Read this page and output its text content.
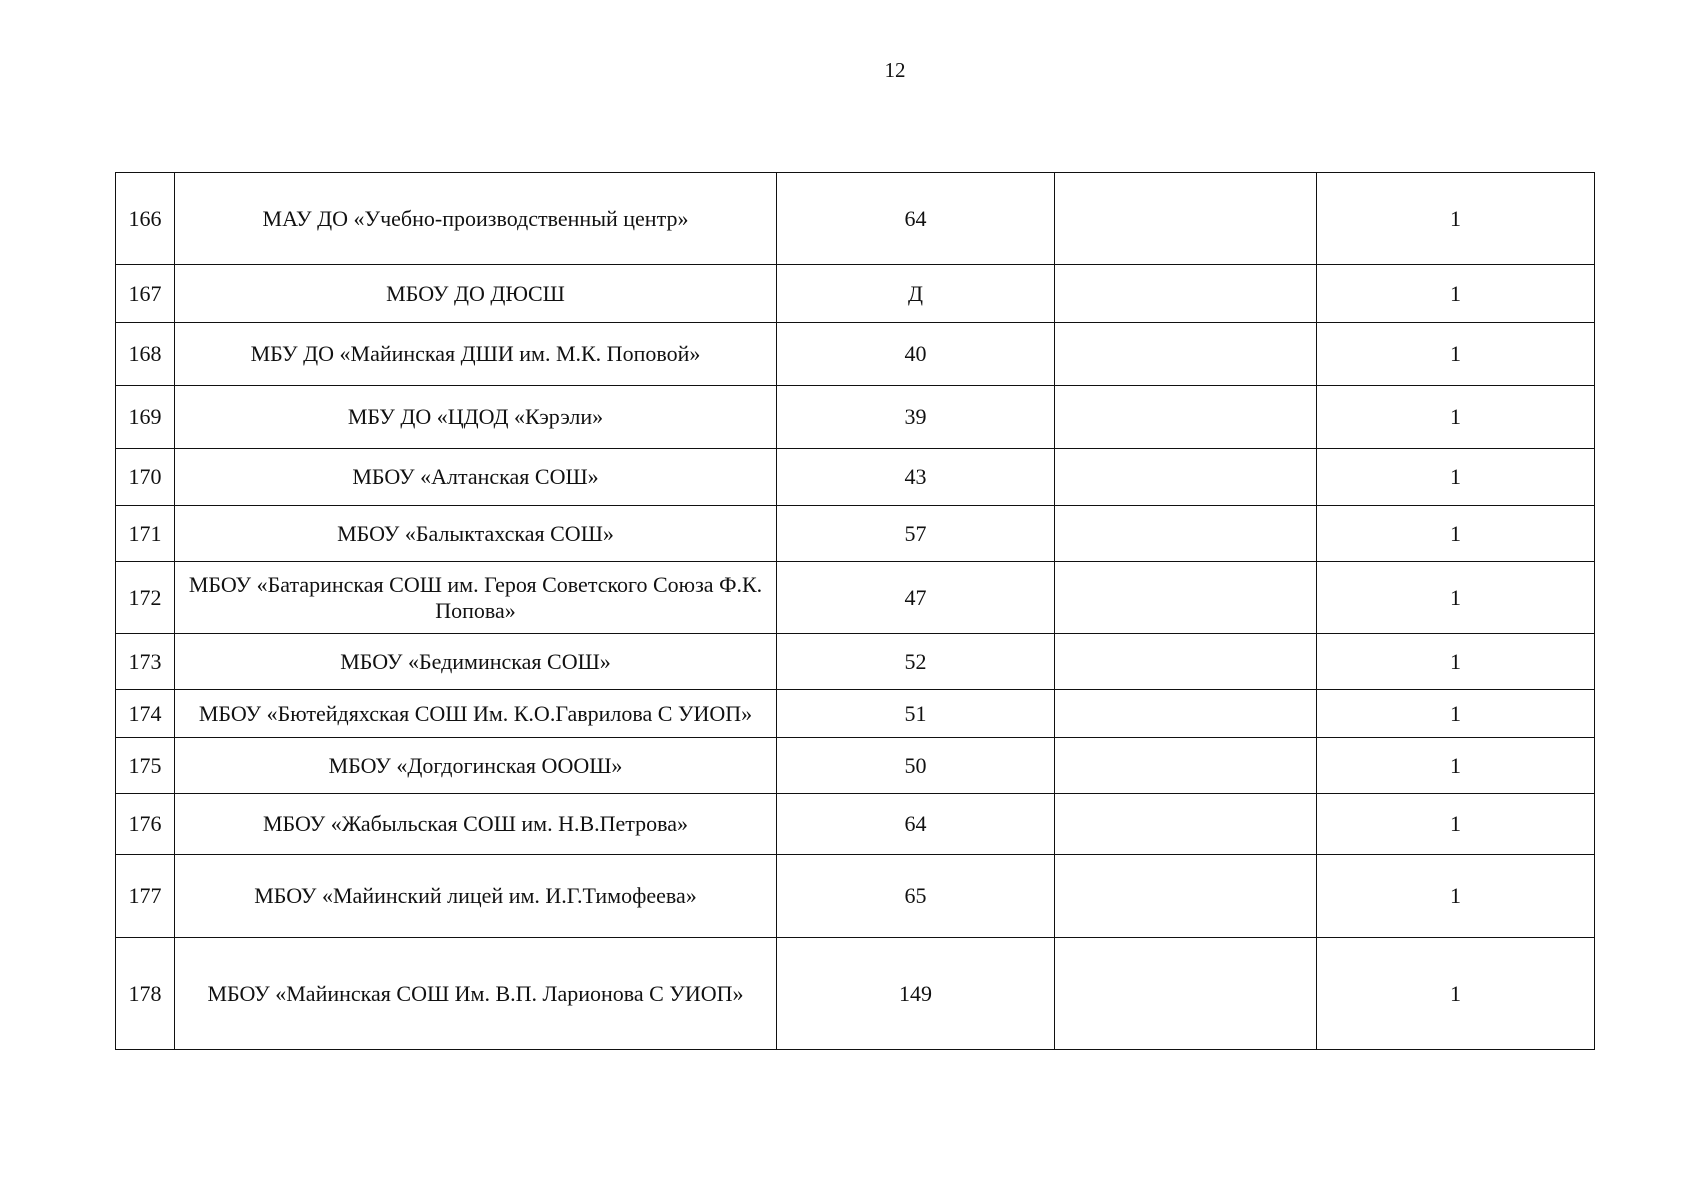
12
166	МАУ ДО «Учебно-производственный центр»	64		1
167	МБОУ ДО ДЮСШ	Д		1
168	МБУ ДО «Майинская ДШИ им. М.К. Поповой»	40		1
169	МБУ ДО «ЦДОД «Кэрэли»	39		1
170	МБОУ «Алтанская СОШ»	43		1
171	МБОУ «Балыктахская СОШ»	57		1
172	МБОУ «Батаринская СОШ им. Героя Советского Союза Ф.К. Попова»	47		1
173	МБОУ «Бедиминская СОШ»	52		1
174	МБОУ «Бютейдяхская СОШ Им. К.О.Гаврилова С УИОП»	51		1
175	МБОУ «Догдогинская ОООШ»	50		1
176	МБОУ «Жабыльская СОШ им. Н.В.Петрова»	64		1
177	МБОУ «Майинский лицей им. И.Г.Тимофеева»	65		1
178	МБОУ «Майинская СОШ Им. В.П. Ларионова С УИОП»	149		1
